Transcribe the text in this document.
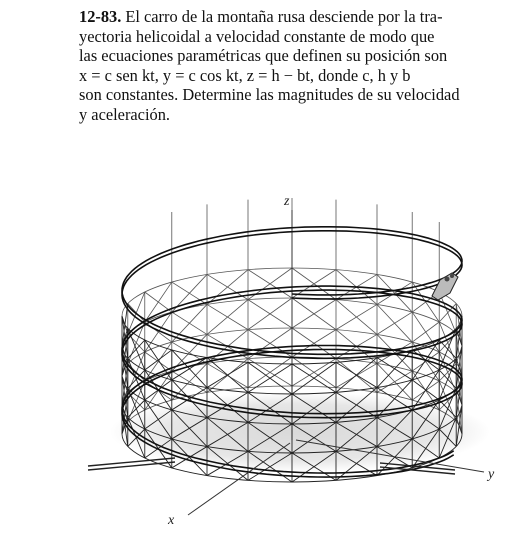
12-83. El carro de la montaña rusa desciende por la tra-
yectoria helicoidal a velocidad constante de modo que
las ecuaciones paramétricas que definen su posición son
x = c sen kt, y = c cos kt, z = h − bt, donde c, h y b
son constantes. Determine las magnitudes de su velocidad
y aceleración.

z
y
x
